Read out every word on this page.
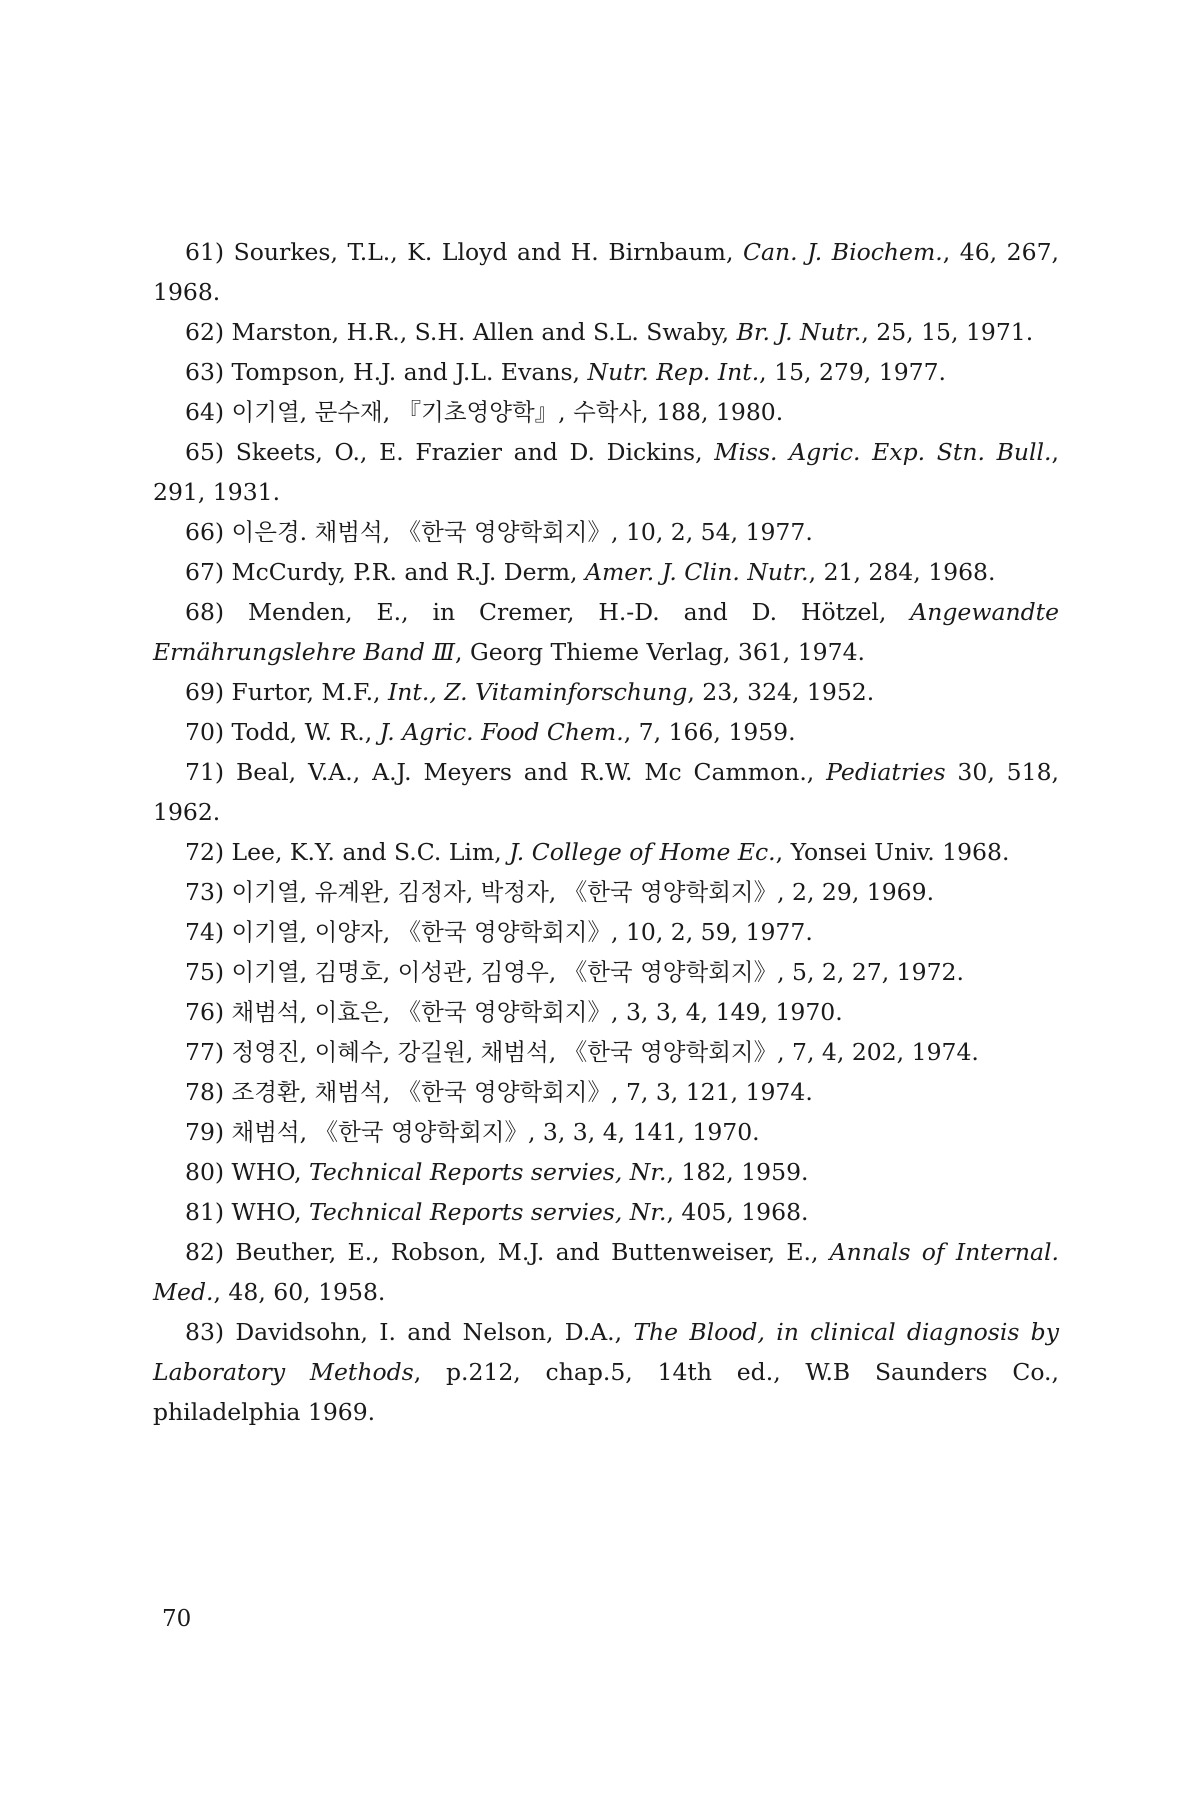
61) Sourkes, T.L., K. Lloyd and H. Birnbaum, Can. J. Biochem., 46, 267, 1968.

62) Marston, H.R., S.H. Allen and S.L. Swaby, Br. J. Nutr., 25, 15, 1971.

63) Tompson, H.J. and J.L. Evans, Nutr. Rep. Int., 15, 279, 1977.

64) 이기열, 문수재, 『기초영양학』, 수학사, 188, 1980.

65) Skeets, O., E. Frazier and D. Dickins, Miss. Agric. Exp. Stn. Bull., 291, 1931.

66) 이은경. 채범석, 《한국 영양학회지》, 10, 2, 54, 1977.

67) McCurdy, P.R. and R.J. Derm, Amer. J. Clin. Nutr., 21, 284, 1968.

68) Menden, E., in Cremer, H.-D. and D. Hötzel, Angewandte Ernährungslehre Band Ⅲ, Georg Thieme Verlag, 361, 1974.

69) Furtor, M.F., Int., Z. Vitaminforschung, 23, 324, 1952.

70) Todd, W. R., J. Agric. Food Chem., 7, 166, 1959.

71) Beal, V.A., A.J. Meyers and R.W. Mc Cammon., Pediatries 30, 518, 1962.

72) Lee, K.Y. and S.C. Lim, J. College of Home Ec., Yonsei Univ. 1968.

73) 이기열, 유계완, 김정자, 박정자, 《한국 영양학회지》, 2, 29, 1969.

74) 이기열, 이양자, 《한국 영양학회지》, 10, 2, 59, 1977.

75) 이기열, 김명호, 이성관, 김영우, 《한국 영양학회지》, 5, 2, 27, 1972.

76) 채범석, 이효은, 《한국 영양학회지》, 3, 3, 4, 149, 1970.

77) 정영진, 이혜수, 강길원, 채범석, 《한국 영양학회지》, 7, 4, 202, 1974.

78) 조경환, 채범석, 《한국 영양학회지》, 7, 3, 121, 1974.

79) 채범석, 《한국 영양학회지》, 3, 3, 4, 141, 1970.

80) WHO, Technical Reports servies, Nr., 182, 1959.

81) WHO, Technical Reports servies, Nr., 405, 1968.

82) Beuther, E., Robson, M.J. and Buttenweiser, E., Annals of Internal. Med., 48, 60, 1958.

83) Davidsohn, I. and Nelson, D.A., The Blood, in clinical diagnosis by Laboratory Methods, p.212, chap.5, 14th ed., W.B Saunders Co., philadelphia 1969.

70
